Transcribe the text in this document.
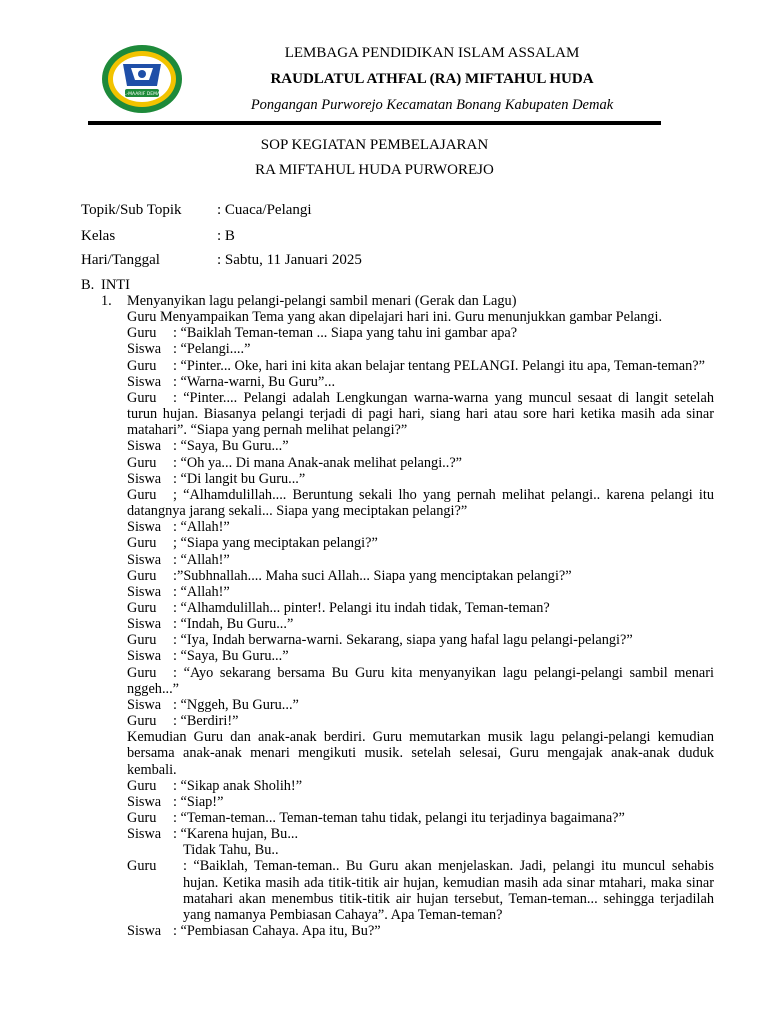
AL-MAARIF DEMAK
LEMBAGA PENDIDIKAN ISLAM ASSALAM
RAUDLATUL ATHFAL (RA) MIFTAHUL HUDA
Pongangan Purworejo Kecamatan Bonang Kabupaten Demak
SOP KEGIATAN PEMBELAJARAN
RA MIFTAHUL HUDA PURWOREJO
Topik/Sub Topik : Cuaca/Pelangi
Kelas	: B
Hari/Tanggal	: Sabtu, 11 Januari 2025
B. INTI
1. Menyanyikan lagu pelangi-pelangi sambil menari (Gerak dan Lagu)
Guru Menyampaikan Tema yang akan dipelajari hari ini. Guru menunjukkan gambar Pelangi.
Guru	: “Baiklah Teman-teman ... Siapa yang tahu ini gambar apa?
Siswa : “Pelangi....”
Guru	: “Pinter... Oke, hari ini kita akan belajar tentang PELANGI. Pelangi itu apa, Teman-teman?”
Siswa : “Warna-warni, Bu Guru”...
Guru	: “Pinter.... Pelangi adalah Lengkungan warna-warna yang muncul sesaat di langit setelah turun hujan. Biasanya pelangi terjadi di pagi hari, siang hari atau sore hari ketika masih ada sinar matahari”. “Siapa yang pernah melihat pelangi?”
Siswa : “Saya, Bu Guru...”
Guru	: “Oh ya... Di mana Anak-anak melihat pelangi..?”
Siswa : “Di langit bu Guru...”
Guru	; “Alhamdulillah.... Beruntung sekali lho yang pernah melihat pelangi.. karena pelangi itu datangnya jarang sekali... Siapa yang meciptakan pelangi?”
Siswa : “Allah!”
Guru	; “Siapa yang meciptakan pelangi?”
Siswa : “Allah!”
Guru	:”Subhnallah.... Maha suci Allah... Siapa yang menciptakan pelangi?”
Siswa : “Allah!”
Guru	: “Alhamdulillah... pinter!. Pelangi itu indah tidak, Teman-teman?
Siswa : “Indah, Bu Guru...”
Guru	: “Iya, Indah berwarna-warni. Sekarang, siapa yang hafal lagu pelangi-pelangi?”
Siswa : “Saya, Bu Guru...”
Guru	: “Ayo sekarang bersama Bu Guru kita menyanyikan lagu pelangi-pelangi sambil menari nggeh...”
Siswa : “Nggeh, Bu Guru...”
Guru	: “Berdiri!”
Kemudian Guru dan anak-anak berdiri. Guru memutarkan musik lagu pelangi-pelangi kemudian bersama anak-anak menari mengikuti musik. setelah selesai, Guru mengajak anak-anak duduk kembali.
Guru	: “Sikap anak Sholih!”
Siswa : “Siap!”
Guru	: “Teman-teman... Teman-teman tahu tidak, pelangi itu terjadinya bagaimana?”
Siswa : “Karena hujan, Bu...
Tidak Tahu, Bu..
Guru : “Baiklah, Teman-teman.. Bu Guru akan menjelaskan. Jadi, pelangi itu muncul sehabis hujan. Ketika masih ada titik-titik air hujan, kemudian masih ada sinar mtahari, maka sinar matahari akan menembus titik-titik air hujan tersebut, Teman-teman... sehingga terjadilah yang namanya Pembiasan Cahaya”. Apa Teman-teman?
Siswa : “Pembiasan Cahaya. Apa itu, Bu?”
